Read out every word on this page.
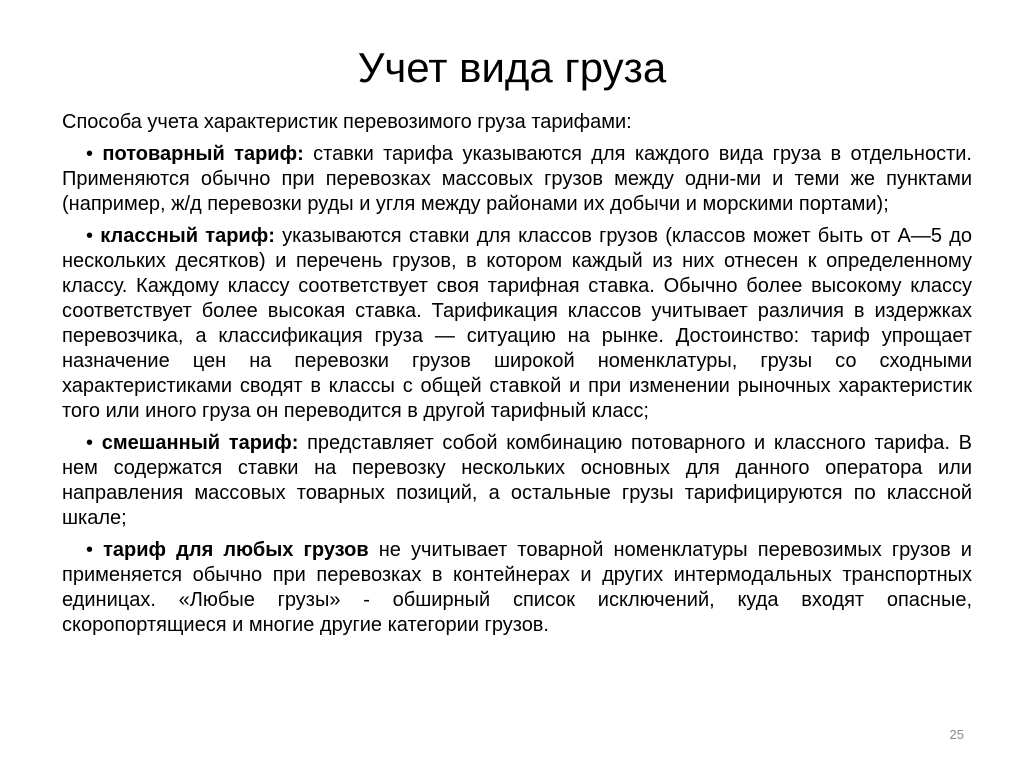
Учет вида груза

Способа учета характеристик перевозимого груза тарифами:

• потоварный тариф: ставки тарифа указываются для каждого вида груза в отдельности. Применяются обычно при перевозках массовых грузов между одни-ми и теми же пунктами (например, ж/д перевозки руды и угля между районами их добычи и морскими портами);

• классный тариф: указываются ставки для классов грузов (классов может быть от А—5 до нескольких десятков) и перечень грузов, в котором каждый из них отнесен к определенному классу. Каждому классу соответствует своя тарифная ставка. Обычно более высокому классу соответствует более высокая ставка. Тарификация классов учитывает различия в издержках перевозчика, а классификация груза — ситуацию на рынке. Достоинство: тариф упрощает назначение цен на перевозки грузов широкой номенклатуры, грузы со сходными характеристиками сводят в классы с общей ставкой и при изменении рыночных характеристик того или иного груза он переводится в другой тарифный класс;

• смешанный тариф: представляет собой комбинацию потоварного и классного тарифа. В нем содержатся ставки на перевозку нескольких основных для данного оператора или направления массовых товарных позиций, а остальные грузы тарифицируются по классной шкале;

• тариф для любых грузов не учитывает товарной номенклатуры перевозимых грузов и применяется обычно при перевозках в контейнерах и других интермодальных транспортных единицах. «Любые грузы» - обширный список исключений, куда входят опасные, скоропортящиеся и многие другие категории грузов.

25
